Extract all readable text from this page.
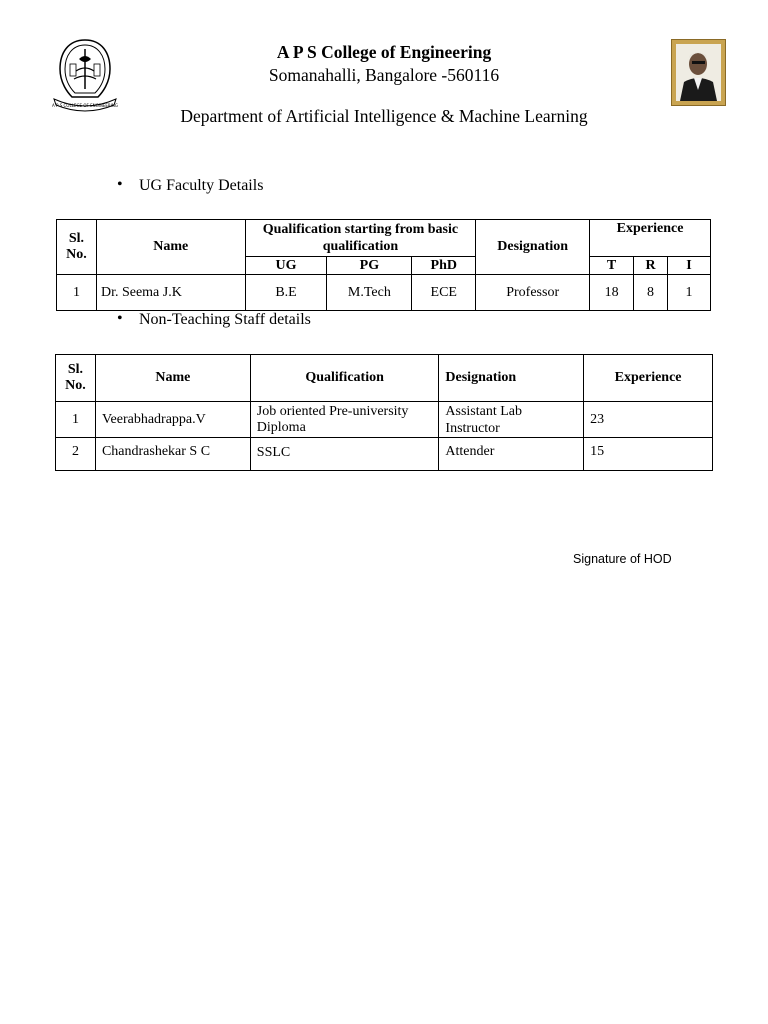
A P S COLLEGE OF ENGINEERING
A P S College of Engineering
Somanahalli, Bangalore -560116
Department of Artificial Intelligence & Machine Learning
• UG Faculty Details
Sl. No.	Name	Qualification starting from basic qualification			Designation	Experience		
		UG	PG	PhD		T	R	I
1	Dr. Seema J.K	B.E	M.Tech	ECE	Professor	18	8	1
• Non-Teaching Staff details
Sl. No.	Name	Qualification	Designation	Experience
1	Veerabhadrappa.V	Job oriented Pre-university Diploma	Assistant Lab Instructor	23
2	Chandrashekar S C	SSLC	Attender	15
Signature of HOD
